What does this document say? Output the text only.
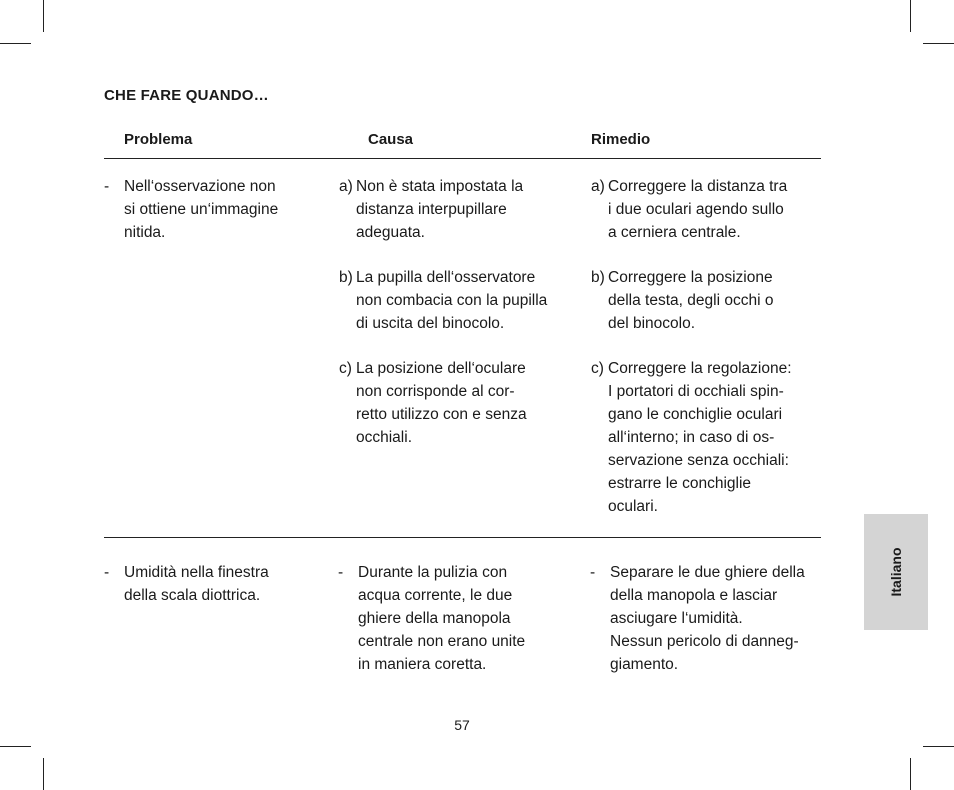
CHE FARE QUANDO…
Problema	Causa	Rimedio
- Nell‘osservazione non
si ottiene un‘immagine
nitida.
a) Non è stata impostata la
distanza interpupillare
adeguata.
b) La pupilla dell‘osservatore
non combacia con la pupilla
di uscita del binocolo.
c) La posizione dell‘oculare
non corrisponde al cor-
retto utilizzo con e senza
occhiali.
a) Correggere la distanza tra
i due oculari agendo sullo
a cerniera centrale.
b) Correggere la posizione
della testa, degli occhi o
del binocolo.
c) Correggere la regolazione:
I portatori di occhiali spin-
gano le conchiglie oculari
all‘interno; in caso di os-
servazione senza occhiali:
estrarre le conchiglie
oculari.
- Umidità nella finestra
della scala diottrica.
- Durante la pulizia con
acqua corrente, le due
ghiere della manopola
centrale non erano unite
in maniera coretta.
- Separare le due ghiere della
della manopola e lasciar
asciugare l‘umidità.
Nessun pericolo di danneg-
giamento.
Italiano
57
